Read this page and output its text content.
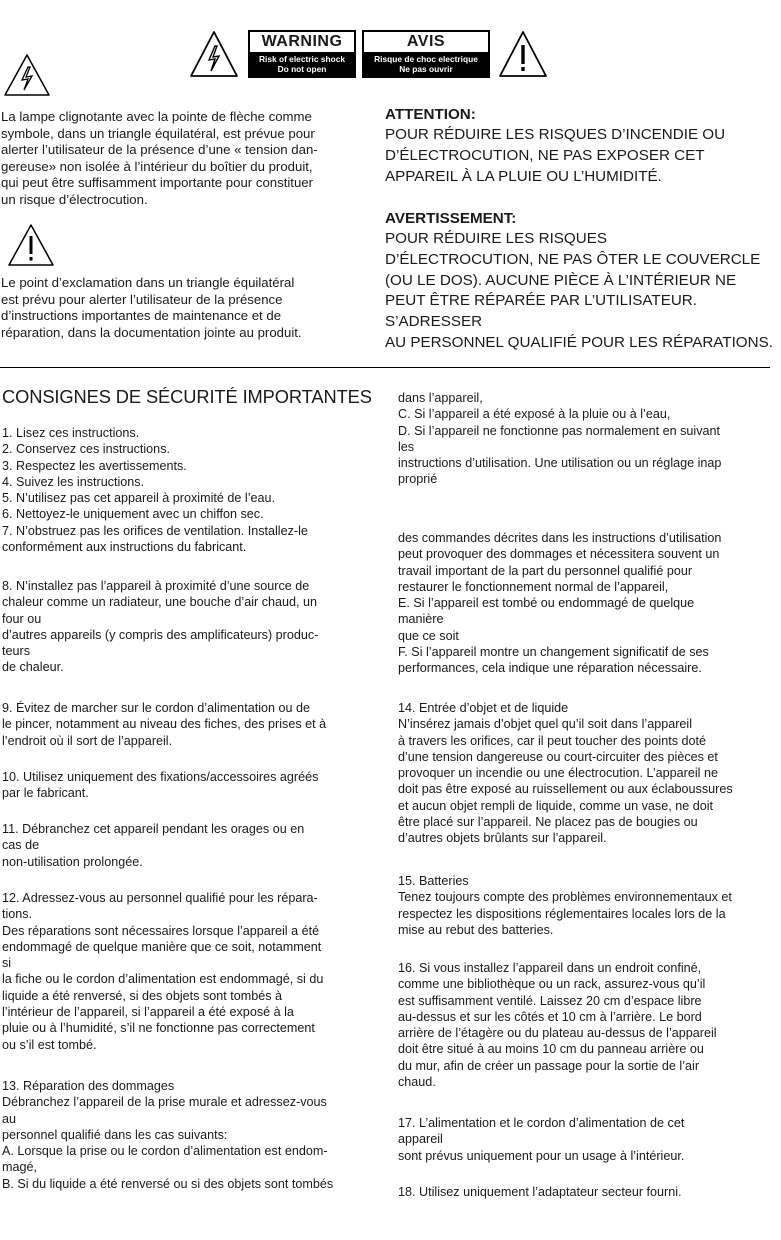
WARNING
Risk of electric shock
Do not open
AVIS
Risque de choc electrique
Ne pas ouvrir
La lampe clignotante avec la pointe de flèche comme
symbole, dans un triangle équilatéral, est prévue pour
alerter l’utilisateur de la présence d’une « tension dan-
gereuse» non isolée à l’intérieur du boîtier du produit,
qui peut être suffisamment importante pour constituer
un risque d’électrocution.
Le point d’exclamation dans un triangle équilatéral
est prévu pour alerter l’utilisateur de la présence
d’instructions importantes de maintenance et de
réparation, dans la documentation jointe au produit.
ATTENTION:
POUR RÉDUIRE LES RISQUES D’INCENDIE OU
D’ÉLECTROCUTION, NE PAS EXPOSER CET
APPAREIL À LA PLUIE OU L’HUMIDITÉ.
AVERTISSEMENT:
POUR RÉDUIRE LES RISQUES
D’ÉLECTROCUTION, NE PAS ÔTER LE COUVERCLE
(OU LE DOS). AUCUNE PIÈCE À L’INTÉRIEUR NE
PEUT ÊTRE RÉPARÉE PAR L’UTILISATEUR. S’ADRESSER
AU PERSONNEL QUALIFIÉ POUR LES RÉPARATIONS.
CONSIGNES DE SÉCURITÉ IMPORTANTES
1. Lisez ces instructions.
2. Conservez ces instructions.
3. Respectez les avertissements.
4. Suivez les instructions.
5. N’utilisez pas cet appareil à proximité de l’eau.
6. Nettoyez-le uniquement avec un chiffon sec.
7. N’obstruez pas les orifices de ventilation. Installez-le
conformément aux instructions du fabricant.
8. N’installez pas l’appareil à proximité d’une source de
chaleur comme un radiateur, une bouche d’air chaud, un
four ou
d’autres appareils (y compris des amplificateurs) produc-
teurs
de chaleur.
9. Évitez de marcher sur le cordon d’alimentation ou de
le pincer, notamment au niveau des fiches, des prises et à
l’endroit où il sort de l’appareil.
10. Utilisez uniquement des fixations/accessoires agréés
par le fabricant.
11. Débranchez cet appareil pendant les orages ou en
cas de
non-utilisation prolongée.
12. Adressez-vous au personnel qualifié pour les répara-
tions.
Des réparations sont nécessaires lorsque l’appareil a été
endommagé de quelque manière que ce soit, notamment
si
la fiche ou le cordon d’alimentation est endommagé, si du
liquide a été renversé, si des objets sont tombés à
l’intérieur de l’appareil, si l’appareil a été exposé à la
pluie ou à l’humidité, s’il ne fonctionne pas correctement
ou s’il est tombé.
13. Réparation des dommages
Débranchez l’appareil de la prise murale et adressez-vous
au
personnel qualifié dans les cas suivants:
A. Lorsque la prise ou le cordon d’alimentation est endom-
magé,
B. Si du liquide a été renversé ou si des objets sont tombés
dans l’appareil,
C. Si l’appareil a été exposé à la pluie ou à l’eau,
D. Si l’appareil ne fonctionne pas normalement en suivant
les
instructions d’utilisation. Une utilisation ou un réglage inap
proprié
des commandes décrites dans les instructions d’utilisation
peut provoquer des dommages et nécessitera souvent un
travail important de la part du personnel qualifié pour
restaurer le fonctionnement normal de l’appareil,
E. Si l’appareil est tombé ou endommagé de quelque
manière
que ce soit
F. Si l’appareil montre un changement significatif de ses
performances, cela indique une réparation nécessaire.
14. Entrée d’objet et de liquide
N’insérez jamais d’objet quel qu’il soit dans l’appareil
à travers les orifices, car il peut toucher des points doté
d’une tension dangereuse ou court-circuiter des pièces et
provoquer un incendie ou une électrocution. L’appareil ne
doit pas être exposé au ruissellement ou aux éclaboussures
et aucun objet rempli de liquide, comme un vase, ne doit
être placé sur l’appareil. Ne placez pas de bougies ou
d’autres objets brûlants sur l’appareil.
15. Batteries
Tenez toujours compte des problèmes environnementaux et
respectez les dispositions réglementaires locales lors de la
mise au rebut des batteries.
16. Si vous installez l’appareil dans un endroit confiné,
comme une bibliothèque ou un rack, assurez-vous qu’il
est suffisamment ventilé. Laissez 20 cm d’espace libre
au-dessus et sur les côtés et 10 cm à l’arrière. Le bord
arrière de l’étagère ou du plateau au-dessus de l’appareil
doit être situé à au moins 10 cm du panneau arrière ou
du mur, afin de créer un passage pour la sortie de l’air
chaud.
17. L’alimentation et le cordon d’alimentation de cet
appareil
sont prévus uniquement pour un usage à l’intérieur.
18. Utilisez uniquement l’adaptateur secteur fourni.
